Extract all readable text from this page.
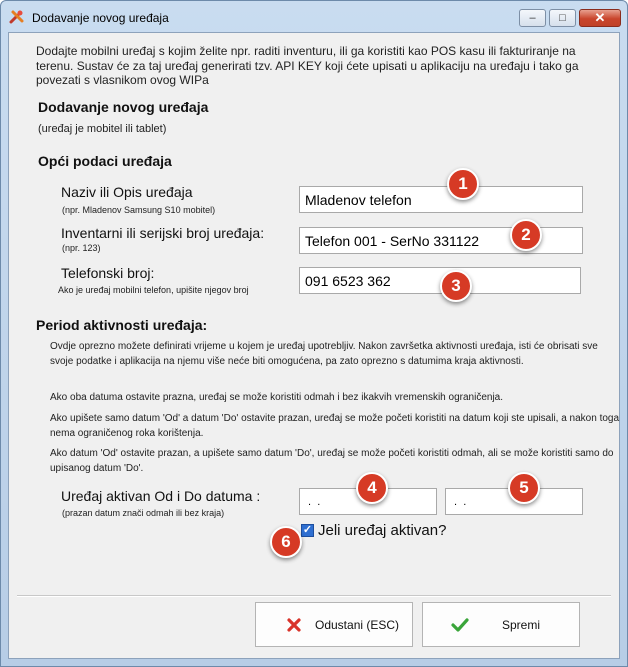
Dodavanje novog uređaja	– □ ✕
Dodajte mobilni uređaj s kojim želite npr. raditi inventuru, ili ga koristiti kao POS kasu ili fakturiranje na terenu. Sustav će za taj uređaj generirati tzv. API KEY koji ćete upisati u aplikaciju na uređaju i tako ga povezati s vlasnikom ovog WIPa
Dodavanje novog uređaja
(uređaj je mobitel ili tablet)
Opći podaci uređaja
Naziv ili Opis uređaja
(npr. Mladenov Samsung S10 mobitel)
Mladenov telefon
Inventarni ili serijski broj uređaja:
(npr. 123)
Telefon 001 - SerNo 331122
Telefonski broj:
Ako je uređaj mobilni telefon, upišite njegov broj
091 6523 362
Period aktivnosti uređaja:
Ovdje oprezno možete definirati vrijeme u kojem je uređaj upotrebljiv. Nakon završetka aktivnosti uređaja, isti će obrisati sve svoje podatke i aplikacija na njemu više neće biti omogućena, pa zato oprezno s datumima kraja aktivnosti.
Ako oba datuma ostavite prazna, uređaj se može koristiti odmah i bez ikakvih vremenskih ograničenja.
Ako upišete samo datum 'Od' a datum 'Do' ostavite prazan, uređaj se može početi koristiti na datum koji ste upisali, a nakon toga nema ograničenog roka korištenja.
Ako datum 'Od' ostavite prazan, a upišete samo datum 'Do', uređaj se može početi koristiti odmah, ali se može koristiti samo do upisanog datum 'Do'.
Uređaj aktivan Od i Do datuma :
(prazan datum znači odmah ili bez kraja)
. .
. .
✓ Jeli uređaj aktivan?
Odustani (ESC)	Spremi
1
2
3
4	5
6
